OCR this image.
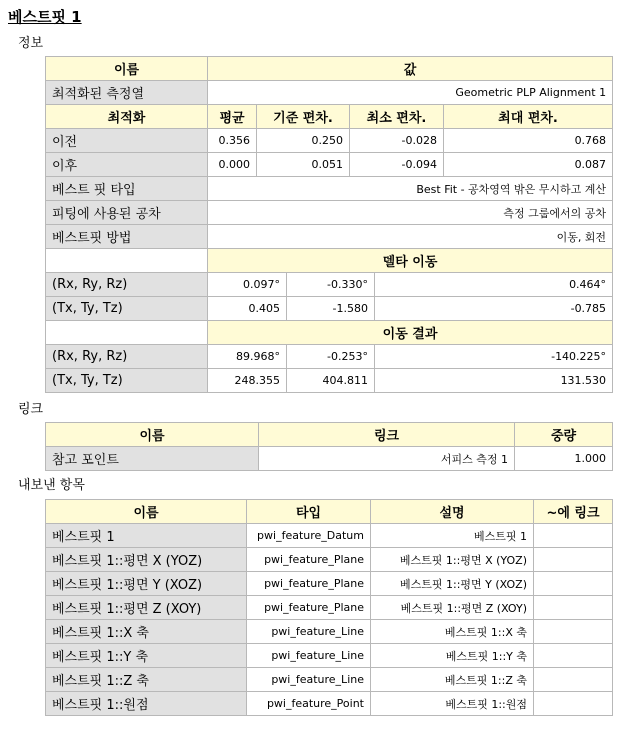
베스트핏 1
정보
이름	값					
최적화된 측정열	Geometric PLP Alignment 1					
최적화	평균	기준 편차.		최소 편차.		최대 편차.
이전	0.356	0.250		-0.028		0.768
이후	0.000	0.051		-0.094		0.087
베스트 핏 타입	Best Fit - 공차영역 밖은 무시하고 계산					
피팅에 사용된 공차	측정 그룹에서의 공차					
베스트핏 방법	이동, 회전					
	델타 이동					
(Rx, Ry, Rz)	0.097°		-0.330°		0.464°	
(Tx, Ty, Tz)	0.405		-1.580		-0.785	
	이동 결과					
(Rx, Ry, Rz)	89.968°		-0.253°		-140.225°	
(Tx, Ty, Tz)	248.355		404.811		131.530	
링크
이름	링크	중량
참고 포인트	서피스 측정 1	1.000
내보낸 항목
이름	타입	설명	~에 링크
베스트핏 1	pwi_feature_Datum	베스트핏 1	
베스트핏 1::평면 X (YOZ)	pwi_feature_Plane	베스트핏 1::평면 X (YOZ)	
베스트핏 1::평면 Y (XOZ)	pwi_feature_Plane	베스트핏 1::평면 Y (XOZ)	
베스트핏 1::평면 Z (XOY)	pwi_feature_Plane	베스트핏 1::평면 Z (XOY)	
베스트핏 1::X 축	pwi_feature_Line	베스트핏 1::X 축	
베스트핏 1::Y 축	pwi_feature_Line	베스트핏 1::Y 축	
베스트핏 1::Z 축	pwi_feature_Line	베스트핏 1::Z 축	
베스트핏 1::원점	pwi_feature_Point	베스트핏 1::원점	
